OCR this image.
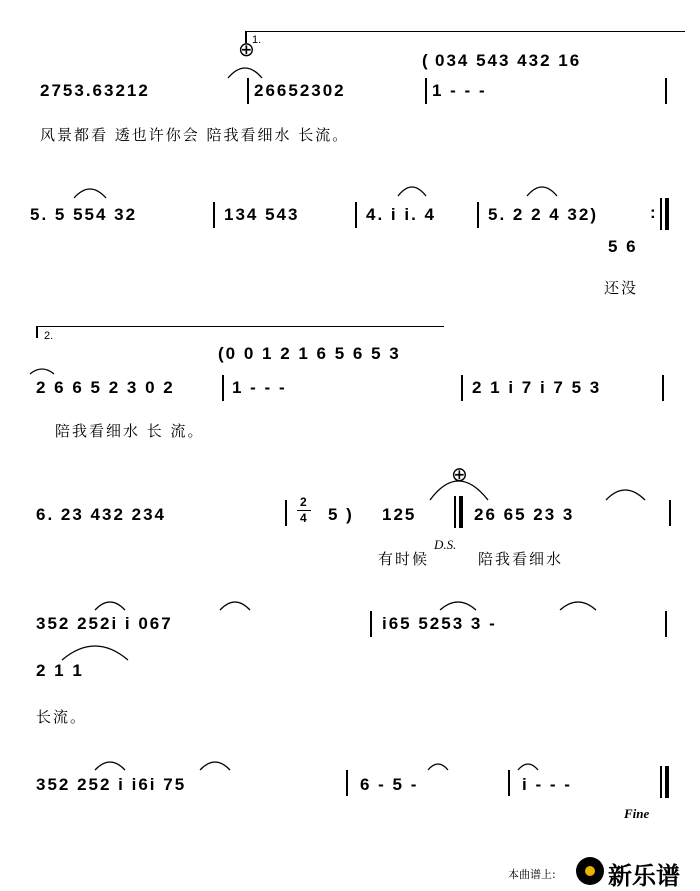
1.
⊕
2753.63212	26652302
( 034 543 432 16
1 - - -
风景都看 透也许你会 陪我看细水 长流。
5. 5 554 32	134 543	4. i i. 4	5. 2 2 4 32)	:
5 6
还没
2.
(0 0 1 2 1 6 5 6 5 3
2 6 6 5 2 3 0 2	1 - - -	2 1 i 7 i 7 5 3
陪我看细水 长 流。
⊕
6. 23 432 234
2
4 5 ) 125	26 65 23 3
有时候
D.S.
陪我看细水
352 252i i 067	i65 5253 3 -
2 1 1
长流。
352 252 i i6i 75	6 - 5 -	i - - -
Fine
本曲谱上: 新乐谱
